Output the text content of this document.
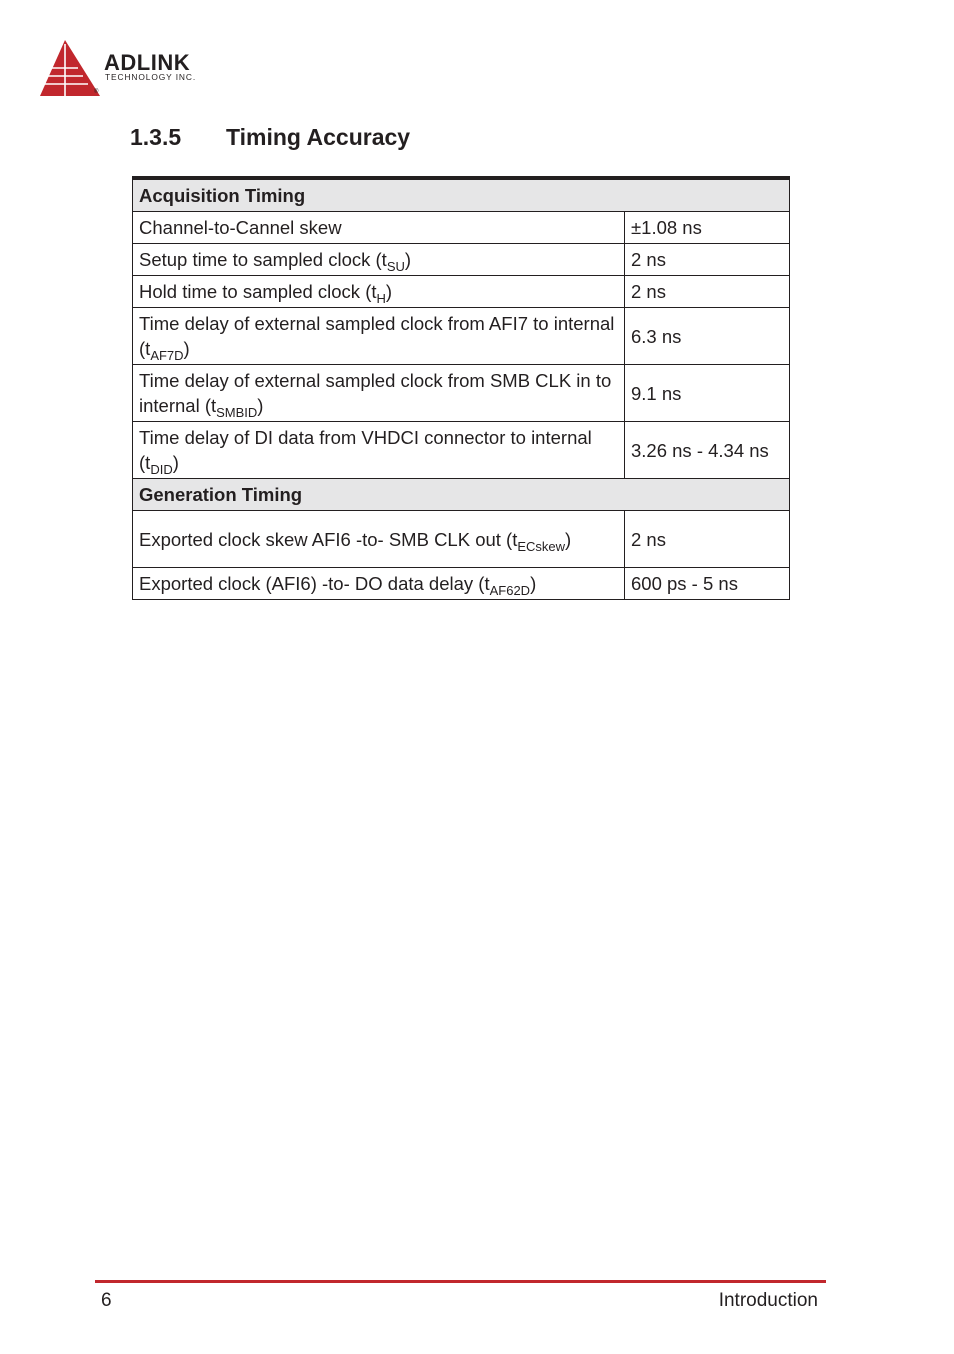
ADLINK
TECHNOLOGY INC.
®
1.3.5 Timing Accuracy
Acquisition Timing	
Channel-to-Cannel skew	±1.08 ns
Setup time to sampled clock $(t_{SU})$	2 ns
Hold time to sampled clock $(t_H)$	2 ns
Time delay of external sampled clock from AFI7 to internal $(t_{AF7D})$	6.3 ns
Time delay of external sampled clock from SMB CLK in to internal $(t_{SMBID})$	9.1 ns
Time delay of DI data from VHDCI connector to internal $(t_{DID})$	3.26 ns - 4.34 ns
Generation Timing	
Exported clock skew AFI6 -to- SMB CLK out $(t_{ECskew})$	2 ns
Exported clock (AFI6) -to- DO data delay $(t_{AF62D})$	600 ps - 5 ns
6	Introduction
